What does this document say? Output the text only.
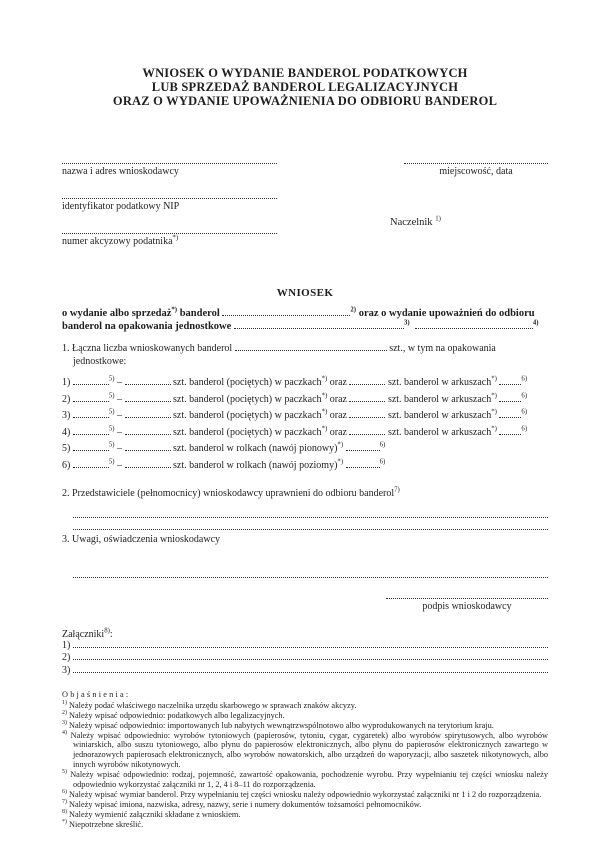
WNIOSEK O WYDANIE BANDEROL PODATKOWYCH
LUB SPRZEDAŻ BANDEROL LEGALIZACYJNYCH
ORAZ O WYDANIE UPOWAŻNIENIA DO ODBIORU BANDEROL
nazwa i adres wnioskodawcy
identyfikator podatkowy NIP
numer akcyzowy podatnika*)
miejscowość, data
Naczelnik $^{1)}$
WNIOSEK
o wydanie albo sprzedaż*) banderol	$^{2)}$ oraz o wydanie upoważnień do odbioru
banderol na opakowania jednostkowe	$^{3)}$	$^{4)}$
1. Łączna liczba wnioskowanych banderol	szt., w tym na opakowania
jednostkowe:
1)	$^{5)}$ –	szt. banderol (pociętych) w paczkach*) oraz	szt. banderol w arkuszach*)	$^{6)}$
2)	$^{5)}$ –	szt. banderol (pociętych) w paczkach*) oraz	szt. banderol w arkuszach*)	$^{6)}$
3)	$^{5)}$ –	szt. banderol (pociętych) w paczkach*) oraz	szt. banderol w arkuszach*)	$^{6)}$
4)	$^{5)}$ –	szt. banderol (pociętych) w paczkach*) oraz	szt. banderol w arkuszach*)	$^{6)}$
5)	$^{5)}$ –	szt. banderol w rolkach (nawój pionowy)*)	$^{6)}$
6)	$^{5)}$ –	szt. banderol w rolkach (nawój poziomy)*)	$^{6)}$
2. Przedstawiciele (pełnomocnicy) wnioskodawcy uprawnieni do odbioru banderol$^{7)}$
3. Uwagi, oświadczenia wnioskodawcy
podpis wnioskodawcy
Załączniki$^{8)}$:
1)
2)
3)
Objaśnienia:
$^{1)}$ Należy podać właściwego naczelnika urzędu skarbowego w sprawach znaków akcyzy.
$^{2)}$ Należy wpisać odpowiednio: podatkowych albo legalizacyjnych.
$^{3)}$ Należy wpisać odpowiednio: importowanych lub nabytych wewnątrzwspólnotowo albo wyprodukowanych na terytorium kraju.
$^{4)}$ Należy wpisać odpowiednio: wyrobów tytoniowych (papierosów, tytoniu, cygar, cygaretek) albo wyrobów spirytusowych, albo wyrobów winiarskich, albo suszu tytoniowego, albo płynu do papierosów elektronicznych, albo płynu do papierosów elektronicznych zawartego w jednorazowych papierosach elektronicznych, albo wyrobów nowatorskich, albo urządzeń do waporyzacji, albo saszetek nikotynowych, albo innych wyrobów nikotynowych.
$^{5)}$ Należy wpisać odpowiednio: rodzaj, pojemność, zawartość opakowania, pochodzenie wyrobu. Przy wypełnianiu tej części wniosku należy odpowiednio wykorzystać załączniki nr 1, 2, 4 i 8–11 do rozporządzenia.
$^{6)}$ Należy wpisać wymiar banderol. Przy wypełnianiu tej części wniosku należy odpowiednio wykorzystać załączniki nr 1 i 2 do rozporządzenia.
$^{7)}$ Należy wpisać imiona, nazwiska, adresy, nazwy, serie i numery dokumentów tożsamości pełnomocników.
$^{8)}$ Należy wymienić załączniki składane z wnioskiem.
*) Niepotrzebne skreślić.
